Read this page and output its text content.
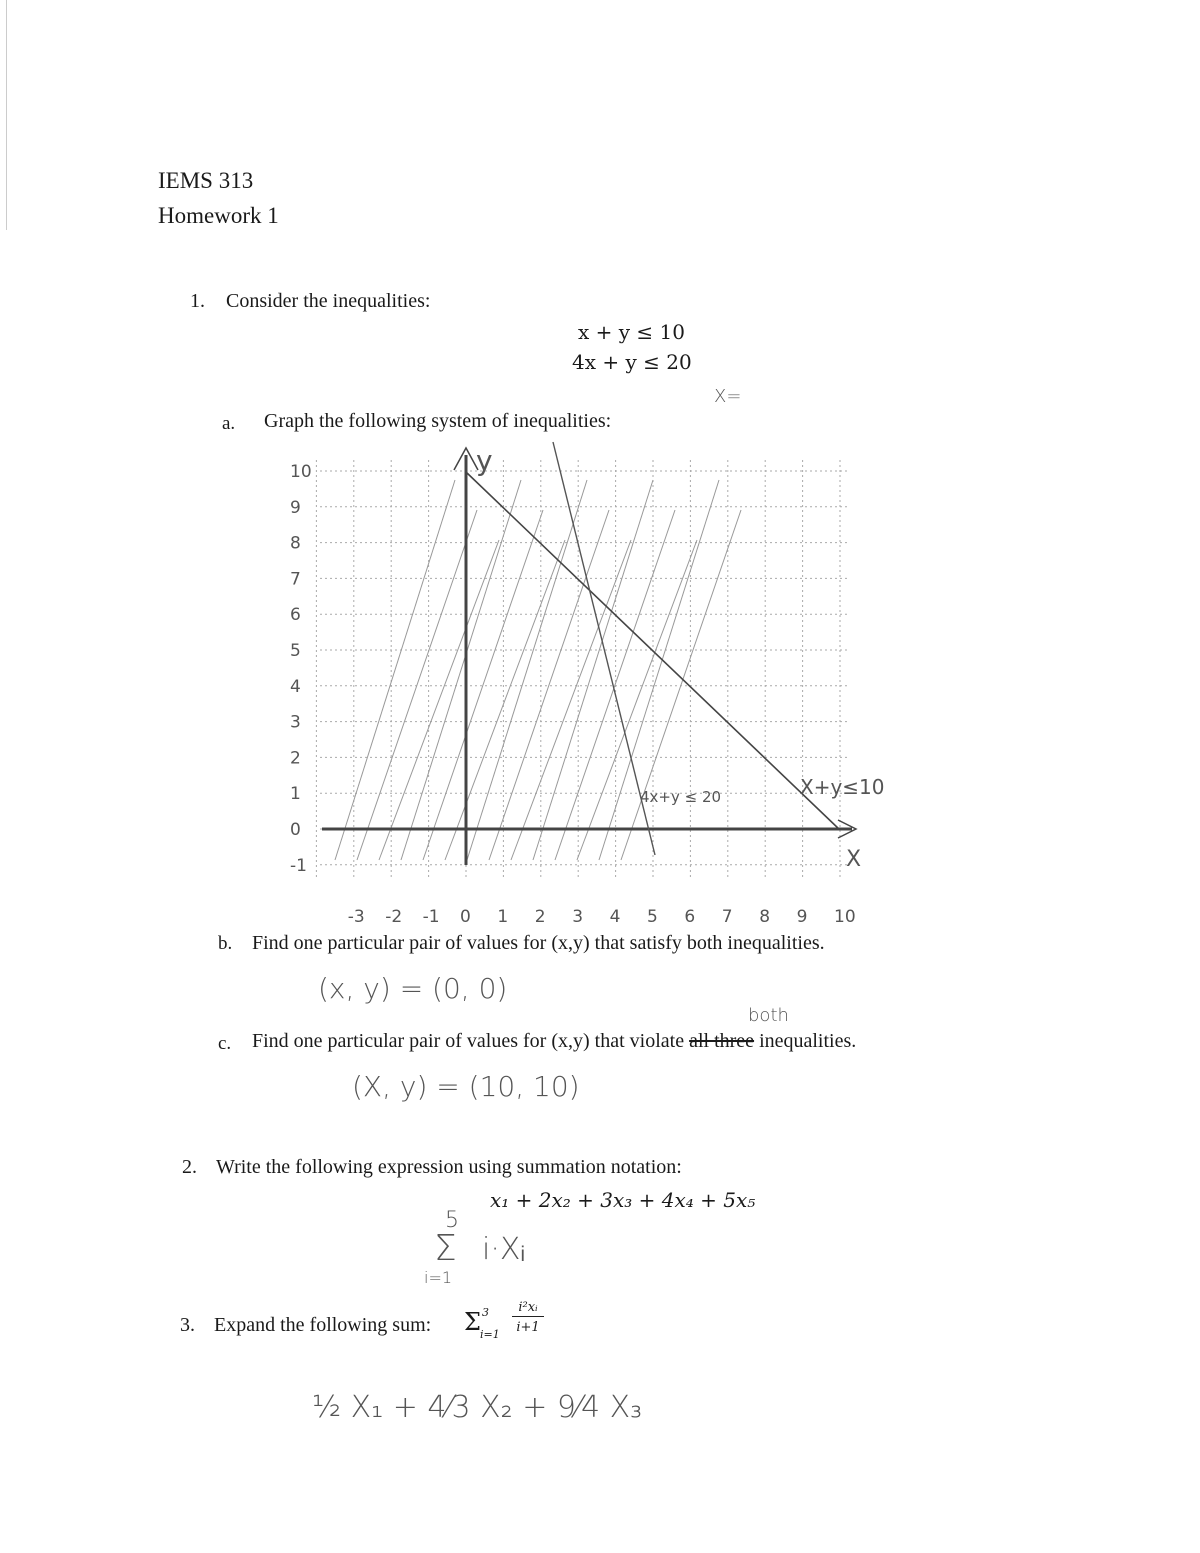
IEMS 313
Homework 1
1. Consider the inequalities:
x + y ≤ 10
4x + y ≤ 20
X=
a. Graph the following system of inequalities:
10
9
8
7
6
5
4
3
2
1
0
-1
-3 -2 -1 0 1 2 3 4 5 6 7 8 9 10
y
X
4x+y ≤ 20	X+y≤10
b. Find one particular pair of values for (x,y) that satisfy both inequalities.
(x, y) = (0, 0)
both
c. Find one particular pair of values for (x,y) that violate all three inequalities.
(X, y) = (10, 10)
2. Write the following expression using summation notation:
x₁ + 2x₂ + 3x₃ + 4x₄ + 5x₅
5
Σ i·Xᵢ
i=1
3. Expand the following sum: Σ 3
i=1
i²xᵢ
i+1
½ X₁ + 4⁄3 X₂ + 9⁄4 X₃
